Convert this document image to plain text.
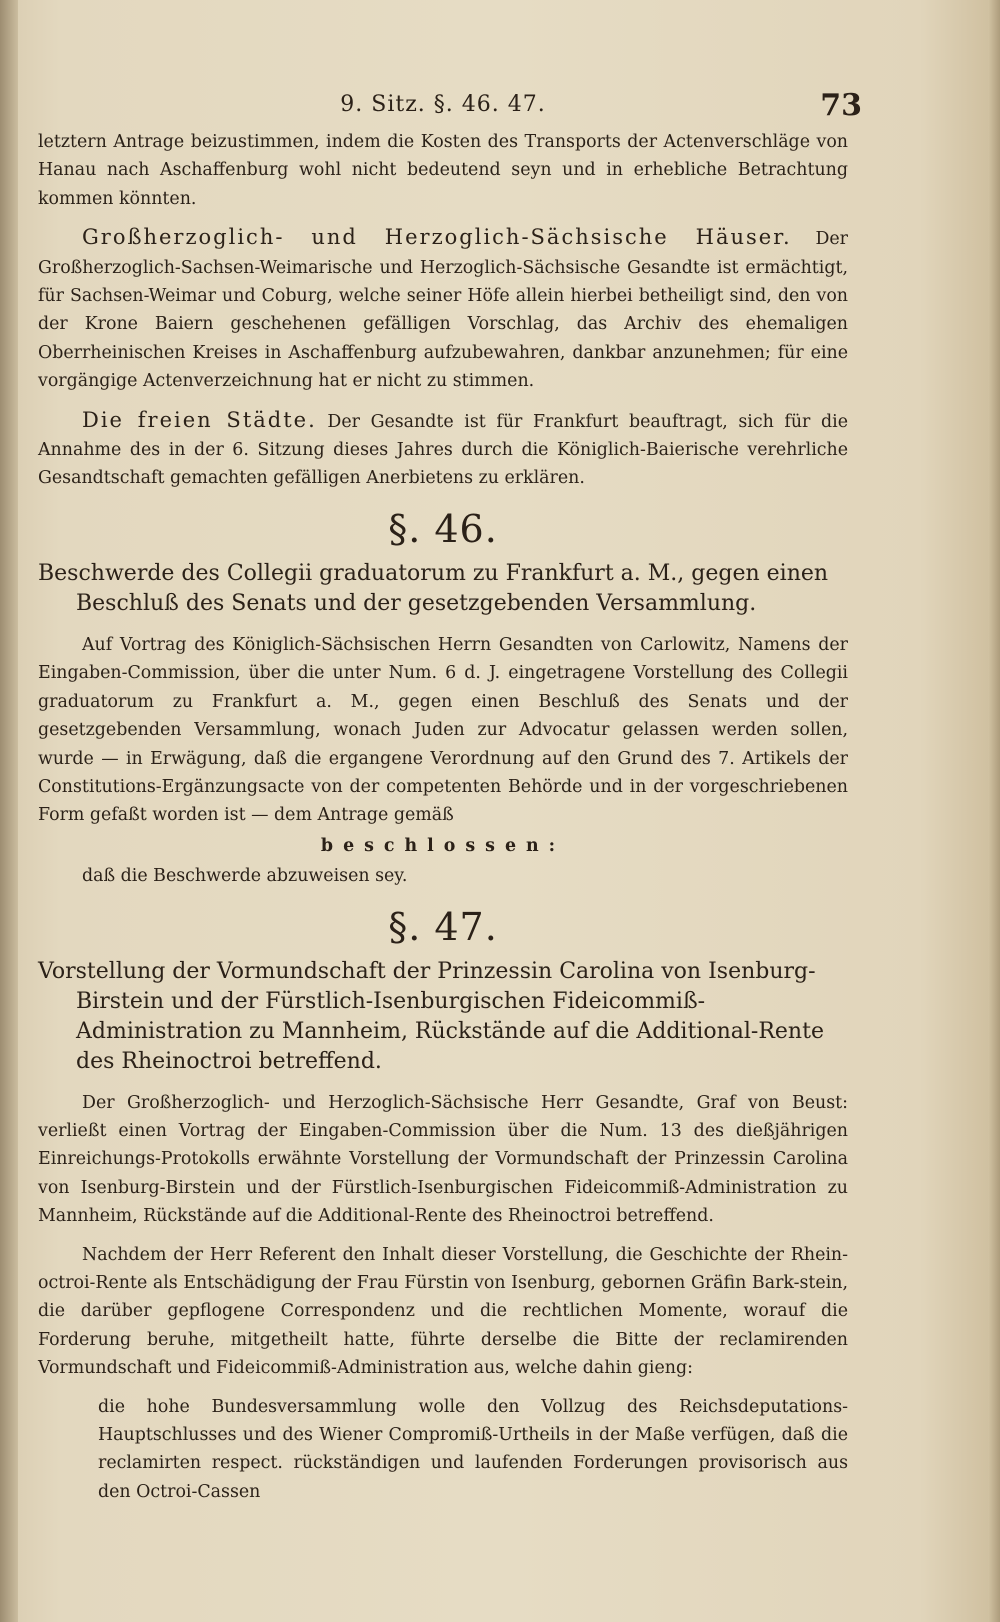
9. Sitz. §. 46. 47.	73

letztern Antrage beizustimmen, indem die Kosten des Transports der Actenverschläge von Hanau nach Aschaffenburg wohl nicht bedeutend seyn und in erhebliche Betrachtung kommen könnten.

Großherzoglich- und Herzoglich-Sächsische Häuser. Der Großherzoglich-Sachsen-Weimarische und Herzoglich-Sächsische Gesandte ist ermächtigt, für Sachsen-Weimar und Coburg, welche seiner Höfe allein hierbei betheiligt sind, den von der Krone Baiern geschehenen gefälligen Vorschlag, das Archiv des ehemaligen Oberrheinischen Kreises in Aschaffenburg aufzubewahren, dankbar anzunehmen; für eine vorgängige Actenverzeichnung hat er nicht zu stimmen.

Die freien Städte. Der Gesandte ist für Frankfurt beauftragt, sich für die Annahme des in der 6. Sitzung dieses Jahres durch die Königlich-Baierische verehrliche Gesandtschaft gemachten gefälligen Anerbietens zu erklären.

§. 46.
Beschwerde des Collegii graduatorum zu Frankfurt a. M., gegen einen Beschluß des Senats und der gesetzgebenden Versammlung.

Auf Vortrag des Königlich-Sächsischen Herrn Gesandten von Carlowitz, Namens der Eingaben-Commission, über die unter Num. 6 d. J. eingetragene Vorstellung des Collegii graduatorum zu Frankfurt a. M., gegen einen Beschluß des Senats und der gesetzgebenden Versammlung, wonach Juden zur Advocatur gelassen werden sollen, wurde — in Erwägung, daß die ergangene Verordnung auf den Grund des 7. Artikels der Constitutions-Ergänzungsacte von der competenten Behörde und in der vorgeschriebenen Form gefaßt worden ist — dem Antrage gemäß

beschlossen:

daß die Beschwerde abzuweisen sey.

§. 47.
Vorstellung der Vormundschaft der Prinzessin Carolina von Isenburg-Birstein und der Fürstlich-Isenburgischen Fideicommiß-Administration zu Mannheim, Rückstände auf die Additional-Rente des Rheinoctroi betreffend.

Der Großherzoglich- und Herzoglich-Sächsische Herr Gesandte, Graf von Beust: verließt einen Vortrag der Eingaben-Commission über die Num. 13 des dießjährigen Einreichungs-Protokolls erwähnte Vorstellung der Vormundschaft der Prinzessin Carolina von Isenburg-Birstein und der Fürstlich-Isenburgischen Fideicommiß-Administration zu Mannheim, Rückstände auf die Additional-Rente des Rheinoctroi betreffend.

Nachdem der Herr Referent den Inhalt dieser Vorstellung, die Geschichte der Rhein-octroi-Rente als Entschädigung der Frau Fürstin von Isenburg, gebornen Gräfin Bark-stein, die darüber gepflogene Correspondenz und die rechtlichen Momente, worauf die Forderung beruhe, mitgetheilt hatte, führte derselbe die Bitte der reclamirenden Vormundschaft und Fideicommiß-Administration aus, welche dahin gieng:

die hohe Bundesversammlung wolle den Vollzug des Reichsdeputations-Hauptschlusses und des Wiener Compromiß-Urtheils in der Maße verfügen, daß die reclamirten respect. rückständigen und laufenden Forderungen provisorisch aus den Octroi-Cassen
